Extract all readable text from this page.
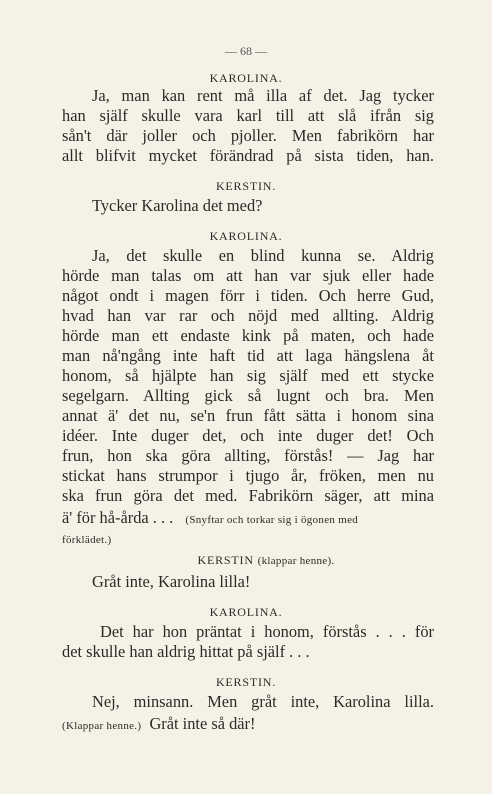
— 68 —
KAROLINA.
Ja, man kan rent må illa af det. Jag tycker
han själf skulle vara karl till att slå ifrån sig
sån't där joller och pjoller. Men fabrikörn har
allt blifvit mycket förändrad på sista tiden, han.
KERSTIN.
Tycker Karolina det med?
KAROLINA.
Ja, det skulle en blind kunna se. Aldrig
hörde man talas om att han var sjuk eller hade
något ondt i magen förr i tiden. Och herre Gud,
hvad han var rar och nöjd med allting. Aldrig
hörde man ett endaste kink på maten, och hade
man nå'ngång inte haft tid att laga hängslena åt
honom, så hjälpte han sig själf med ett stycke
segelgarn. Allting gick så lugnt och bra. Men
annat ä' det nu, se'n frun fått sätta i honom sina
idéer. Inte duger det, och inte duger det! Och
frun, hon ska göra allting, förstås! — Jag har
stickat hans strumpor i tjugo år, fröken, men nu
ska frun göra det med. Fabrikörn säger, att mina
ä' för hå-årda . . . (Snyftar och torkar sig i ögonen med
förklädet.)
KERSTIN (klappar henne).
Gråt inte, Karolina lilla!
KAROLINA.
Det har hon präntat i honom, förstås . . . för
det skulle han aldrig hittat på själf . . .
KERSTIN.
Nej, minsann. Men gråt inte, Karolina lilla.
(Klappar henne.) Gråt inte så där!
